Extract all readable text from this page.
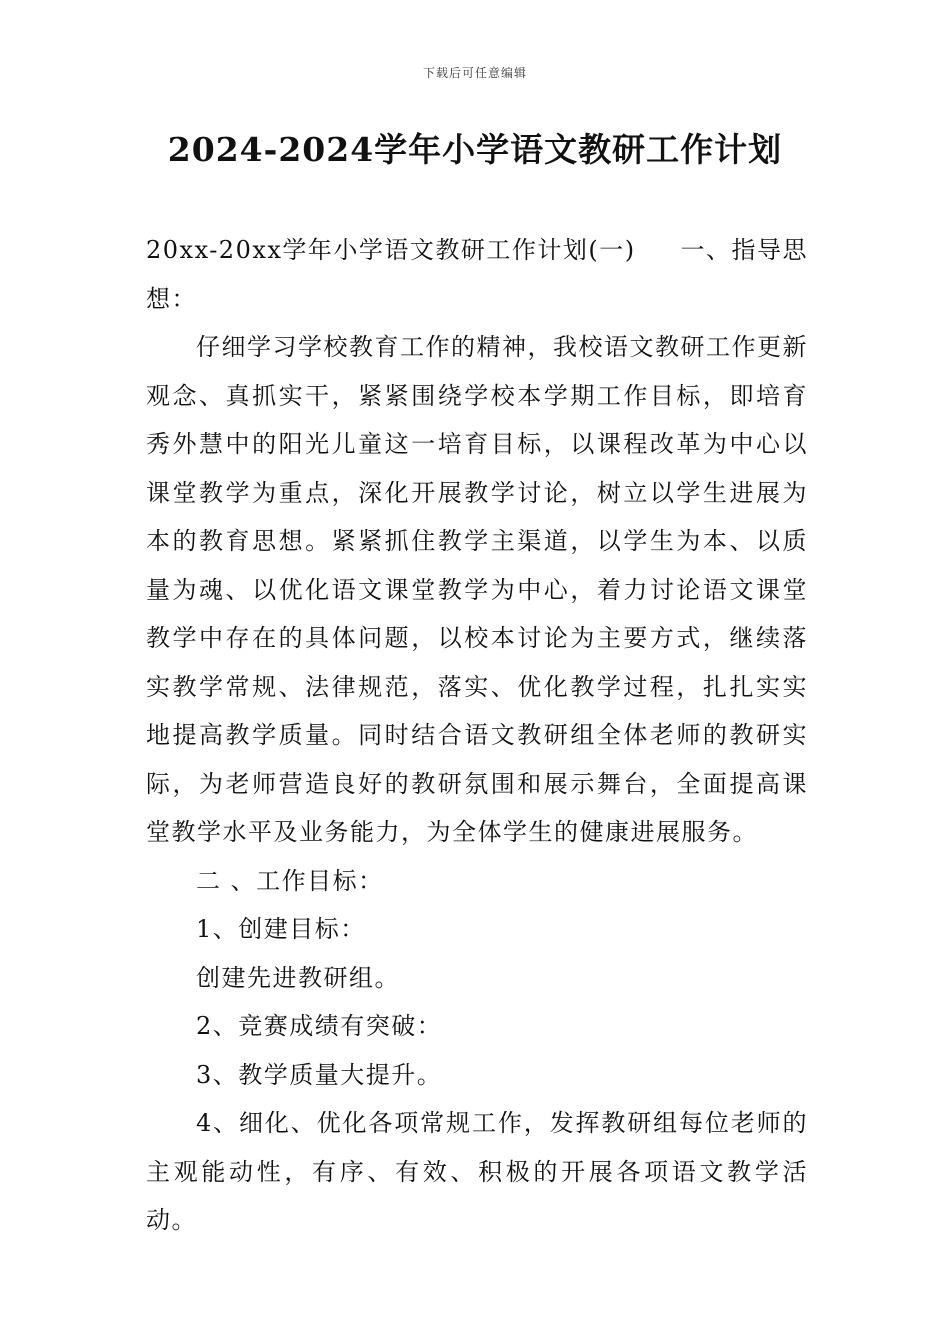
下载后可任意编辑
2024-2024学年小学语文教研工作计划
20xx-20xx学年小学语文教研工作计划(一) 一、指导思

想：

仔细学习学校教育工作的精神，我校语文教研工作更新观念、真抓实干，紧紧围绕学校本学期工作目标，即培育秀外慧中的阳光儿童这一培育目标，以课程改革为中心以课堂教学为重点，深化开展教学讨论，树立以学生进展为本的教育思想。紧紧抓住教学主渠道，以学生为本、以质量为魂、以优化语文课堂教学为中心，着力讨论语文课堂教学中存在的具体问题，以校本讨论为主要方式，继续落实教学常规、法律规范，落实、优化教学过程，扎扎实实地提高教学质量。同时结合语文教研组全体老师的教研实际，为老师营造良好的教研氛围和展示舞台，全面提高课堂教学水平及业务能力，为全体学生的健康进展服务。

二 、工作目标：

1、创建目标：

创建先进教研组。

2、竞赛成绩有突破：

3、教学质量大提升。

4、细化、优化各项常规工作，发挥教研组每位老师的主观能动性，有序、有效、积极的开展各项语文教学活动。
